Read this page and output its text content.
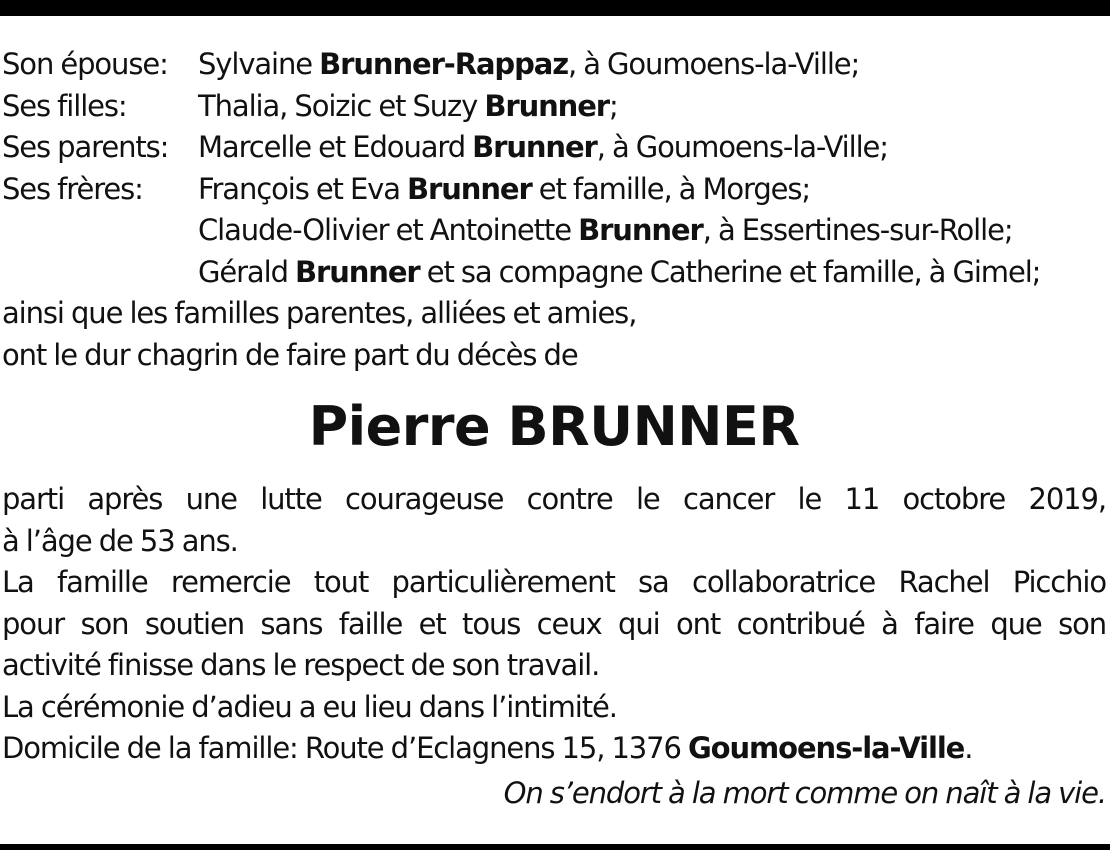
Son épouse:	Sylvaine Brunner-Rappaz, à Goumoens-la-Ville;
Ses filles:	Thalia, Soizic et Suzy Brunner;
Ses parents:	Marcelle et Edouard Brunner, à Goumoens-la-Ville;
Ses frères:	François et Eva Brunner et famille, à Morges;
Claude-Olivier et Antoinette Brunner, à Essertines-sur-Rolle;
Gérald Brunner et sa compagne Catherine et famille, à Gimel;
ainsi que les familles parentes, alliées et amies,
ont le dur chagrin de faire part du décès de
Pierre BRUNNER
parti après une lutte courageuse contre le cancer le 11 octobre 2019,
à l’âge de 53 ans.
La famille remercie tout particulièrement sa collaboratrice Rachel Picchio
pour son soutien sans faille et tous ceux qui ont contribué à faire que son
activité finisse dans le respect de son travail.
La cérémonie d’adieu a eu lieu dans l’intimité.
Domicile de la famille: Route d’Eclagnens 15, 1376 Goumoens-la-Ville.
On s’endort à la mort comme on naît à la vie.
